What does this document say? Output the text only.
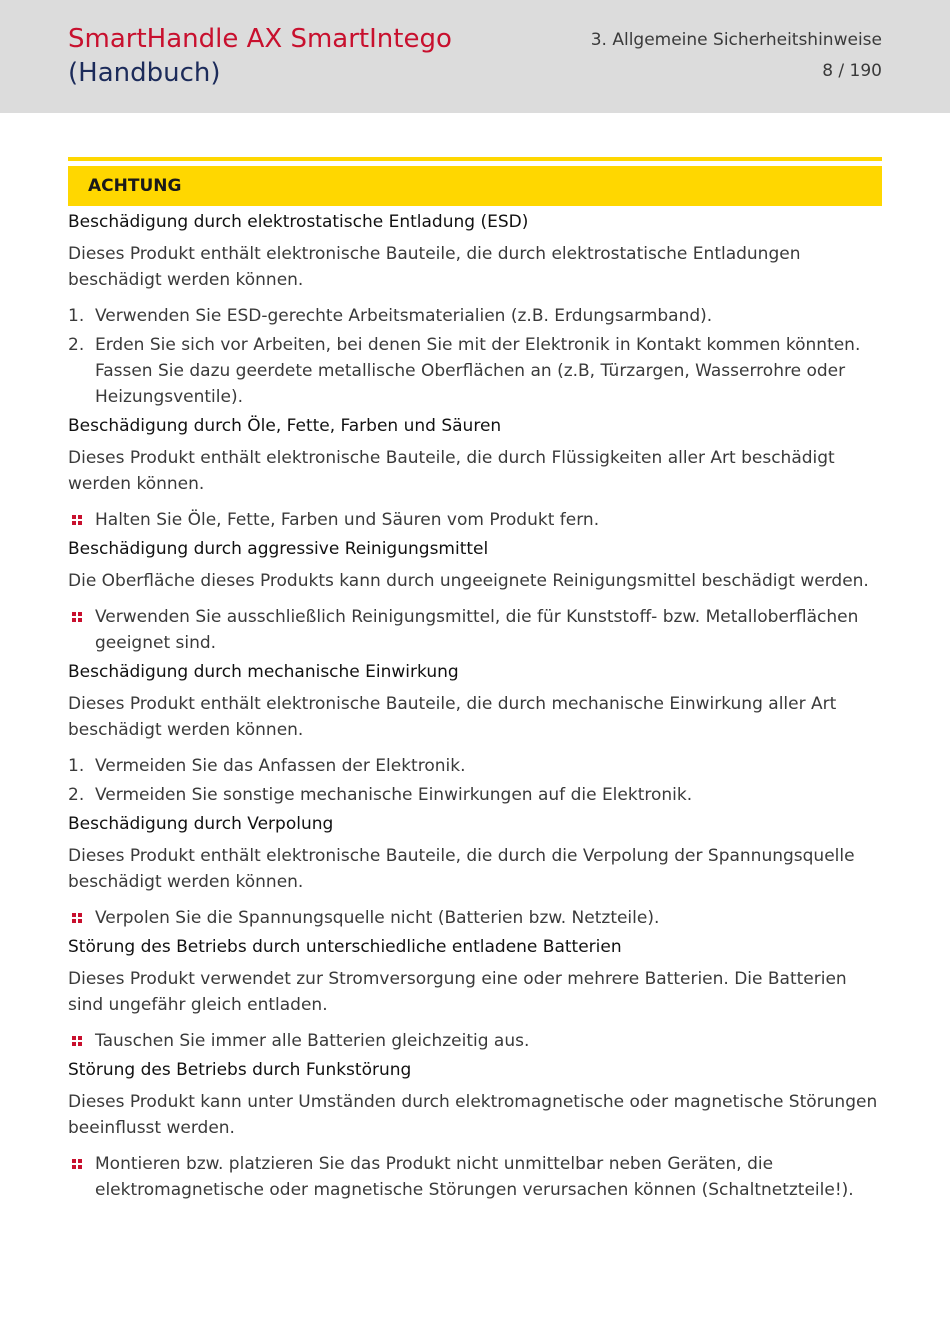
SmartHandle AX SmartIntego
(Handbuch)
3. Allgemeine Sicherheitshinweise
8 / 190
ACHTUNG
Beschädigung durch elektrostatische Entladung (ESD)

Dieses Produkt enthält elektronische Bauteile, die durch elektrostatische Entladungen beschädigt werden können.

1. Verwenden Sie ESD-gerechte Arbeitsmaterialien (z.B. Erdungsarmband).
2. Erden Sie sich vor Arbeiten, bei denen Sie mit der Elektronik in Kontakt kommen könnten. Fassen Sie dazu geerdete metallische Oberflächen an (z.B, Türzargen, Wasserrohre oder Heizungsventile).
Beschädigung durch Öle, Fette, Farben und Säuren

Dieses Produkt enthält elektronische Bauteile, die durch Flüssigkeiten aller Art beschädigt werden können.

Halten Sie Öle, Fette, Farben und Säuren vom Produkt fern.
Beschädigung durch aggressive Reinigungsmittel

Die Oberfläche dieses Produkts kann durch ungeeignete Reinigungsmittel beschädigt werden.

Verwenden Sie ausschließlich Reinigungsmittel, die für Kunststoff- bzw. Metalloberflächen geeignet sind.
Beschädigung durch mechanische Einwirkung

Dieses Produkt enthält elektronische Bauteile, die durch mechanische Einwirkung aller Art beschädigt werden können.

1. Vermeiden Sie das Anfassen der Elektronik.
2. Vermeiden Sie sonstige mechanische Einwirkungen auf die Elektronik.
Beschädigung durch Verpolung

Dieses Produkt enthält elektronische Bauteile, die durch die Verpolung der Spannungsquelle beschädigt werden können.

Verpolen Sie die Spannungsquelle nicht (Batterien bzw. Netzteile).
Störung des Betriebs durch unterschiedliche entladene Batterien

Dieses Produkt verwendet zur Stromversorgung eine oder mehrere Batterien. Die Batterien sind ungefähr gleich entladen.

Tauschen Sie immer alle Batterien gleichzeitig aus.
Störung des Betriebs durch Funkstörung

Dieses Produkt kann unter Umständen durch elektromagnetische oder magnetische Störungen beeinflusst werden.

Montieren bzw. platzieren Sie das Produkt nicht unmittelbar neben Geräten, die elektromagnetische oder magnetische Störungen verursachen können (Schaltnetzteile!).
